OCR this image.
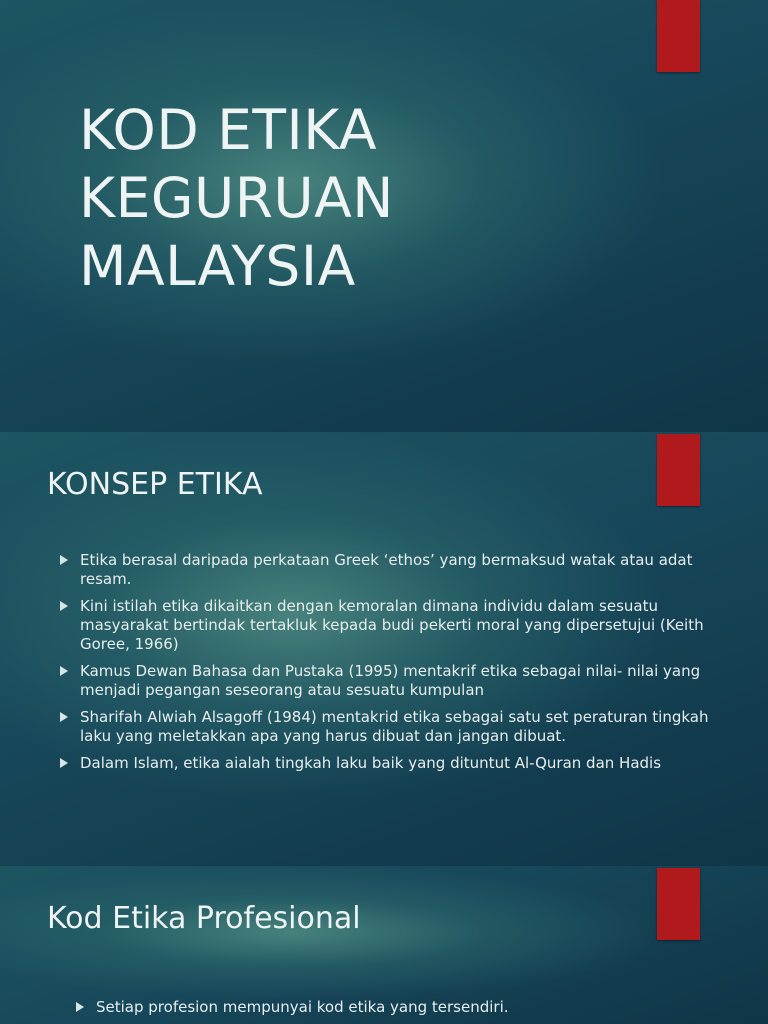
KOD ETIKA
KEGURUAN
MALAYSIA
KONSEP ETIKA
Etika berasal daripada perkataan Greek ‘ethos’ yang bermaksud watak atau adat resam.
Kini istilah etika dikaitkan dengan kemoralan dimana individu dalam sesuatu masyarakat bertindak tertakluk kepada budi pekerti moral yang dipersetujui (Keith Goree, 1966)
Kamus Dewan Bahasa dan Pustaka (1995) mentakrif etika sebagai nilai- nilai yang menjadi pegangan seseorang atau sesuatu kumpulan
Sharifah Alwiah Alsagoff (1984) mentakrid etika sebagai satu set peraturan tingkah laku yang meletakkan apa yang harus dibuat dan jangan dibuat.
Dalam Islam, etika aialah tingkah laku baik yang dituntut Al-Quran dan Hadis
Kod Etika Profesional
Setiap profesion mempunyai kod etika yang tersendiri.
